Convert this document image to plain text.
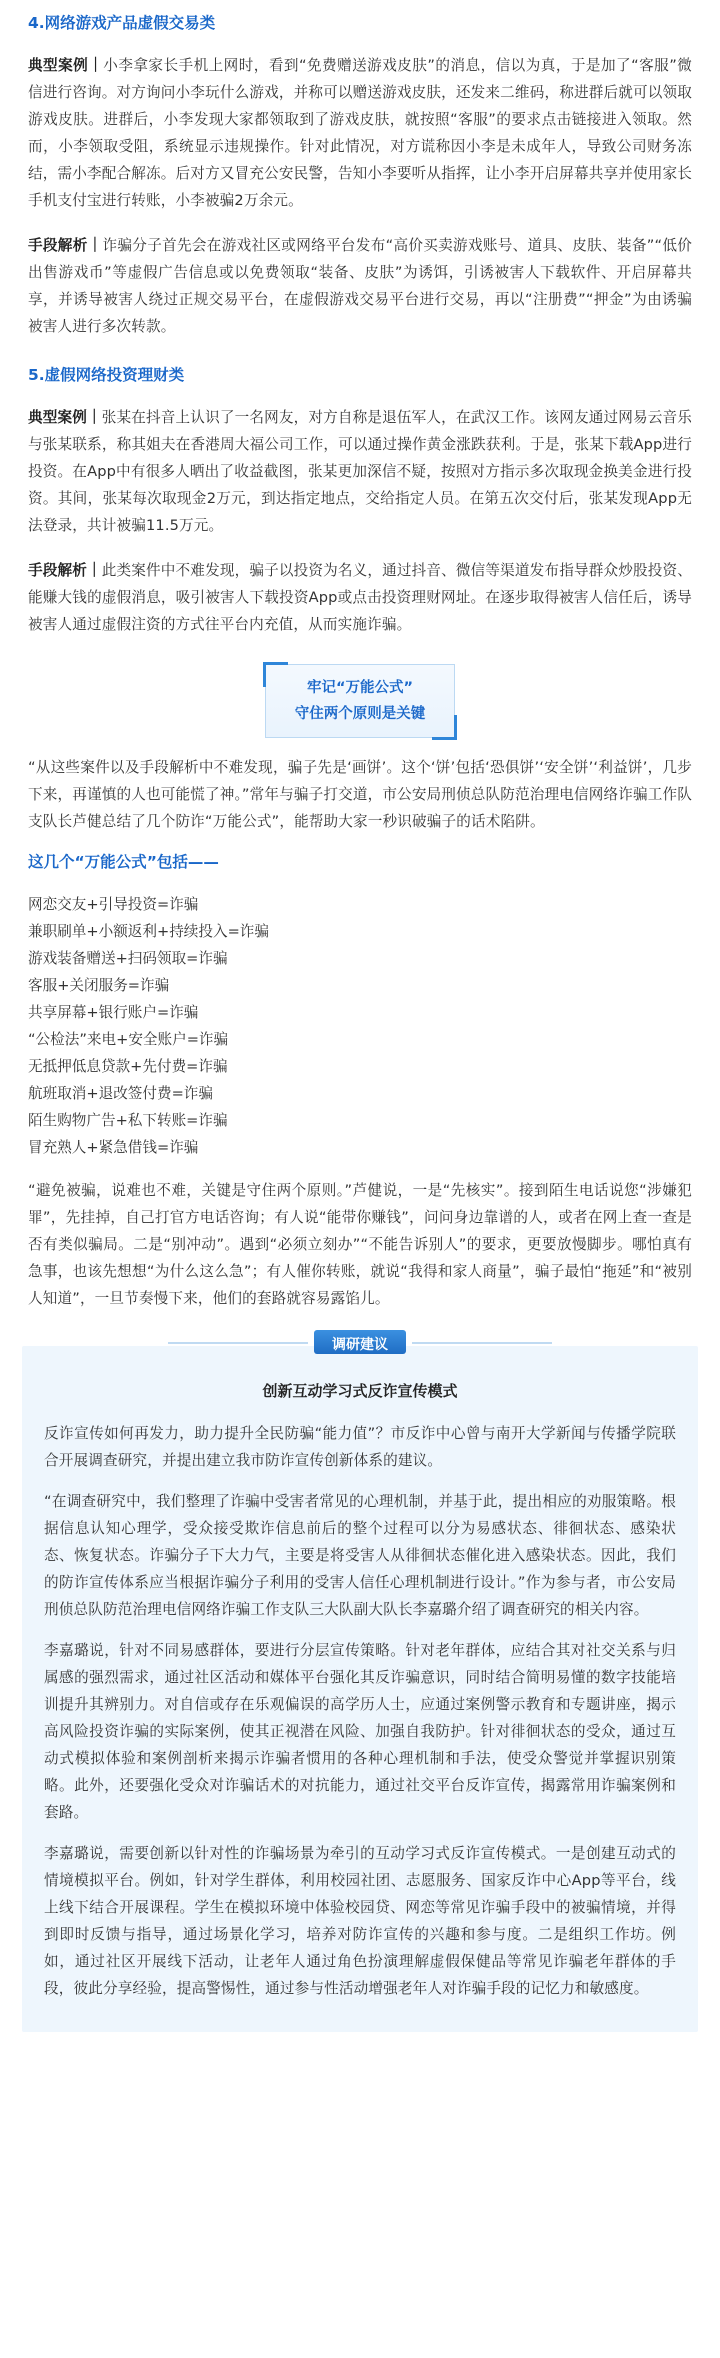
4.网络游戏产品虚假交易类

典型案例｜小李拿家长手机上网时，看到“免费赠送游戏皮肤”的消息，信以为真，于是加了“客服”微信进行咨询。对方询问小李玩什么游戏，并称可以赠送游戏皮肤，还发来二维码，称进群后就可以领取游戏皮肤。进群后，小李发现大家都领取到了游戏皮肤，就按照“客服”的要求点击链接进入领取。然而，小李领取受阻，系统显示违规操作。针对此情况，对方谎称因小李是未成年人，导致公司财务冻结，需小李配合解冻。后对方又冒充公安民警，告知小李要听从指挥，让小李开启屏幕共享并使用家长手机支付宝进行转账，小李被骗2万余元。

手段解析｜诈骗分子首先会在游戏社区或网络平台发布“高价买卖游戏账号、道具、皮肤、装备”“低价出售游戏币”等虚假广告信息或以免费领取“装备、皮肤”为诱饵，引诱被害人下载软件、开启屏幕共享，并诱导被害人绕过正规交易平台，在虚假游戏交易平台进行交易，再以“注册费”“押金”为由诱骗被害人进行多次转款。

5.虚假网络投资理财类

典型案例｜张某在抖音上认识了一名网友，对方自称是退伍军人，在武汉工作。该网友通过网易云音乐与张某联系，称其姐夫在香港周大福公司工作，可以通过操作黄金涨跌获利。于是，张某下载App进行投资。在App中有很多人晒出了收益截图，张某更加深信不疑，按照对方指示多次取现金换美金进行投资。其间，张某每次取现金2万元，到达指定地点，交给指定人员。在第五次交付后，张某发现App无法登录，共计被骗11.5万元。

手段解析｜此类案件中不难发现，骗子以投资为名义，通过抖音、微信等渠道发布指导群众炒股投资、能赚大钱的虚假消息，吸引被害人下载投资App或点击投资理财网址。在逐步取得被害人信任后，诱导被害人通过虚假注资的方式往平台内充值，从而实施诈骗。

牢记“万能公式”
守住两个原则是关键

“从这些案件以及手段解析中不难发现，骗子先是‘画饼’。这个‘饼’包括‘恐俱饼’‘安全饼’‘利益饼’，几步下来，再谨慎的人也可能慌了神。”常年与骗子打交道，市公安局刑侦总队防范治理电信网络诈骗工作队支队长芦健总结了几个防诈“万能公式”，能帮助大家一秒识破骗子的话术陷阱。

这几个“万能公式”包括——
网恋交友+引导投资=诈骗
兼职刷单+小额返利+持续投入=诈骗
游戏装备赠送+扫码领取=诈骗
客服+关闭服务=诈骗
共享屏幕+银行账户=诈骗
“公检法”来电+安全账户=诈骗
无抵押低息贷款+先付费=诈骗
航班取消+退改签付费=诈骗
陌生购物广告+私下转账=诈骗
冒充熟人+紧急借钱=诈骗

“避免被骗，说难也不难，关键是守住两个原则。”芦健说，一是“先核实”。接到陌生电话说您“涉嫌犯罪”，先挂掉，自己打官方电话咨询；有人说“能带你赚钱”，问问身边靠谱的人，或者在网上查一查是否有类似骗局。二是“别冲动”。遇到“必须立刻办”“不能告诉别人”的要求，更要放慢脚步。哪怕真有急事，也该先想想“为什么这么急”；有人催你转账，就说“我得和家人商量”，骗子最怕“拖延”和“被别人知道”，一旦节奏慢下来，他们的套路就容易露馅儿。

调研建议
创新互动学习式反诈宣传模式

反诈宣传如何再发力，助力提升全民防骗“能力值”？市反诈中心曾与南开大学新闻与传播学院联合开展调查研究，并提出建立我市防诈宣传创新体系的建议。

“在调查研究中，我们整理了诈骗中受害者常见的心理机制，并基于此，提出相应的劝服策略。根据信息认知心理学，受众接受欺诈信息前后的整个过程可以分为易感状态、徘徊状态、感染状态、恢复状态。诈骗分子下大力气，主要是将受害人从徘徊状态催化进入感染状态。因此，我们的防诈宣传体系应当根据诈骗分子利用的受害人信任心理机制进行设计。”作为参与者，市公安局刑侦总队防范治理电信网络诈骗工作支队三大队副大队长李嘉璐介绍了调查研究的相关内容。

李嘉璐说，针对不同易感群体，要进行分层宣传策略。针对老年群体，应结合其对社交关系与归属感的强烈需求，通过社区活动和媒体平台强化其反诈骗意识，同时结合简明易懂的数字技能培训提升其辨别力。对自信或存在乐观偏误的高学历人士，应通过案例警示教育和专题讲座，揭示高风险投资诈骗的实际案例，使其正视潜在风险、加强自我防护。针对徘徊状态的受众，通过互动式模拟体验和案例剖析来揭示诈骗者惯用的各种心理机制和手法，使受众警觉并掌握识别策略。此外，还要强化受众对诈骗话术的对抗能力，通过社交平台反诈宣传，揭露常用诈骗案例和套路。

李嘉璐说，需要创新以针对性的诈骗场景为牵引的互动学习式反诈宣传模式。一是创建互动式的情境模拟平台。例如，针对学生群体，利用校园社团、志愿服务、国家反诈中心App等平台，线上线下结合开展课程。学生在模拟环境中体验校园贷、网恋等常见诈骗手段中的被骗情境，并得到即时反馈与指导，通过场景化学习，培养对防诈宣传的兴趣和参与度。二是组织工作坊。例如，通过社区开展线下活动，让老年人通过角色扮演理解虚假保健品等常见诈骗老年群体的手段，彼此分享经验，提高警惕性，通过参与性活动增强老年人对诈骗手段的记忆力和敏感度。
